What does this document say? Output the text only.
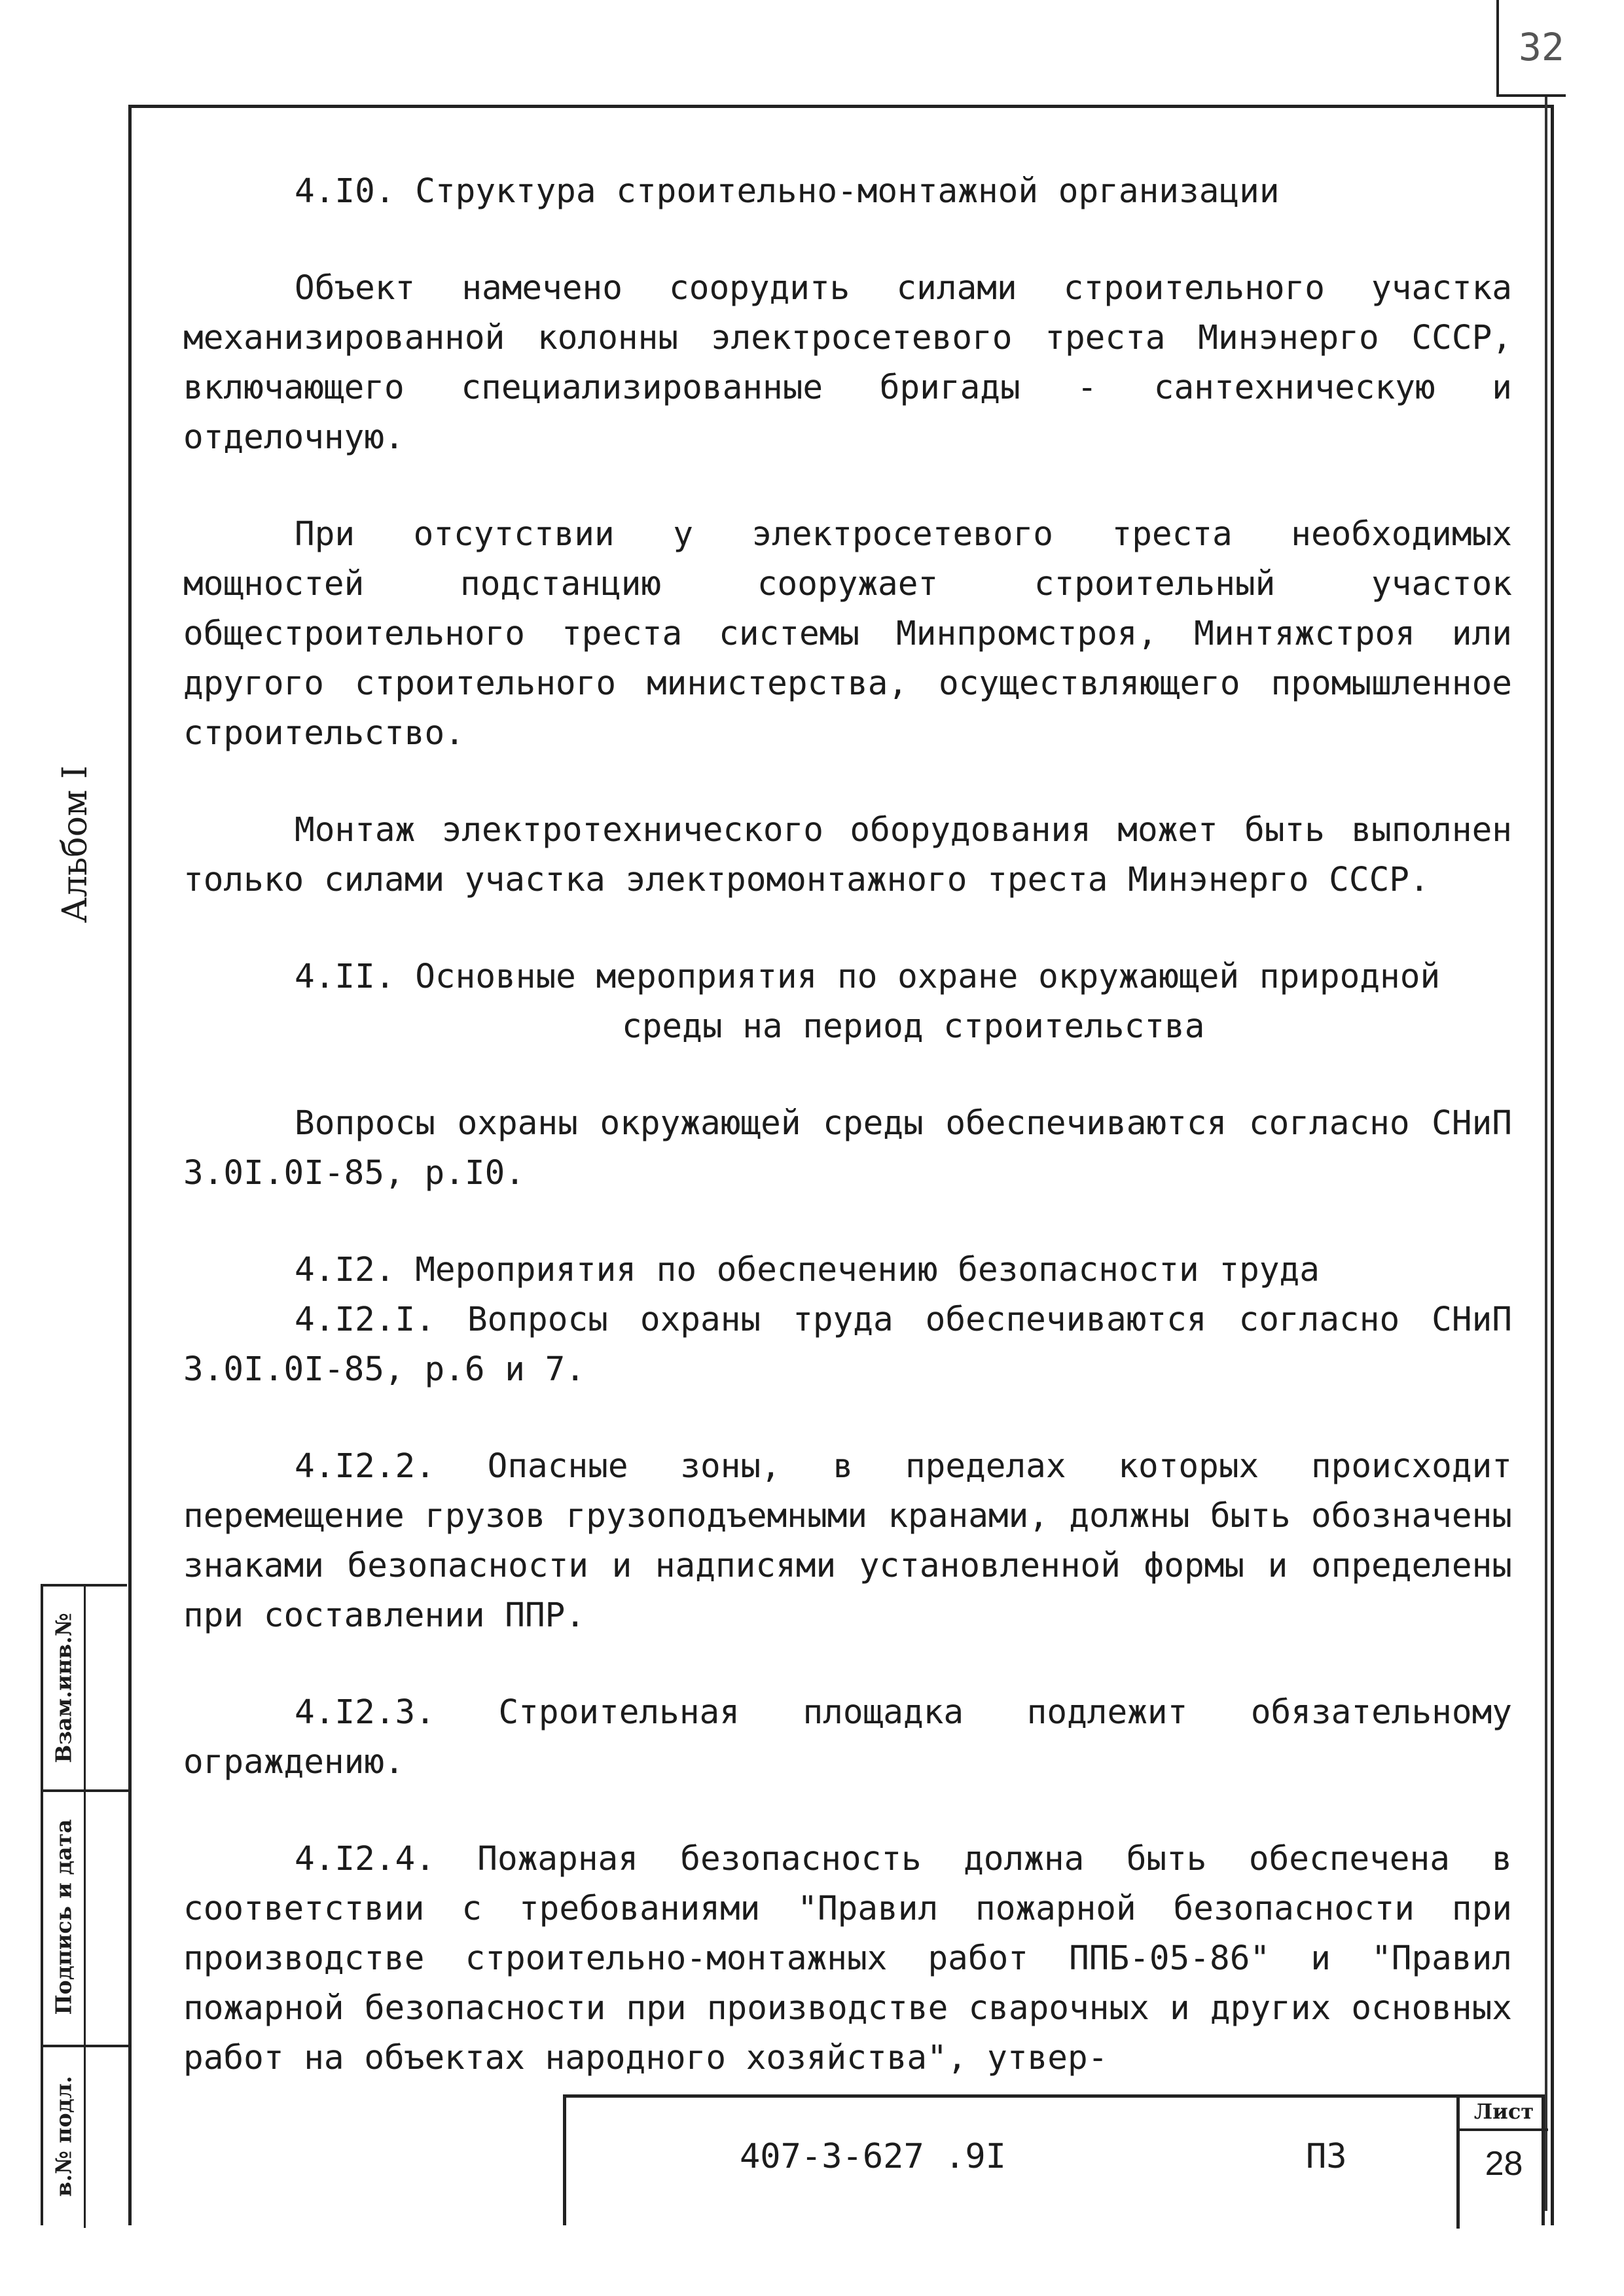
32
Альбом I
Взам.инв.№
Подпись и дата
в.№ подл.
4.I0. Структура строительно-монтажной организации

Объект намечено соорудить силами строительного участка механизированной колонны электросетевого треста Минэнерго СССР, включающего специализированные бригады - сантехническую и отделочную.

При отсутствии у электросетевого треста необходимых мощностей подстанцию сооружает строительный участок общестроительного треста системы Минпромстроя, Минтяжстроя или другого строительного министерства, осуществляющего промышленное строительство.

Монтаж электротехнического оборудования может быть выполнен только силами участка электромонтажного треста Минэнерго СССР.

4.II. Основные мероприятия по охране окружающей природной
среды на период строительства

Вопросы охраны окружающей среды обеспечиваются согласно СНиП 3.0I.0I-85, р.I0.

4.I2. Мероприятия по обеспечению безопасности труда

4.I2.I. Вопросы охраны труда обеспечиваются согласно СНиП 3.0I.0I-85, р.6 и 7.

4.I2.2. Опасные зоны, в пределах которых происходит перемещение грузов грузоподъемными кранами, должны быть обозначены знаками безопасности и надписями установленной формы и определены при составлении ППР.

4.I2.3. Строительная площадка подлежит обязательному ограждению.

4.I2.4. Пожарная безопасность должна быть обеспечена в соответствии с требованиями "Правил пожарной безопасности при производстве строительно-монтажных работ ППБ-05-86" и "Правил пожарной безопасности при производстве сварочных и других основных работ на объектах народного хозяйства", утвер-

407-3-627 .9I	ПЗ
Лист
28
